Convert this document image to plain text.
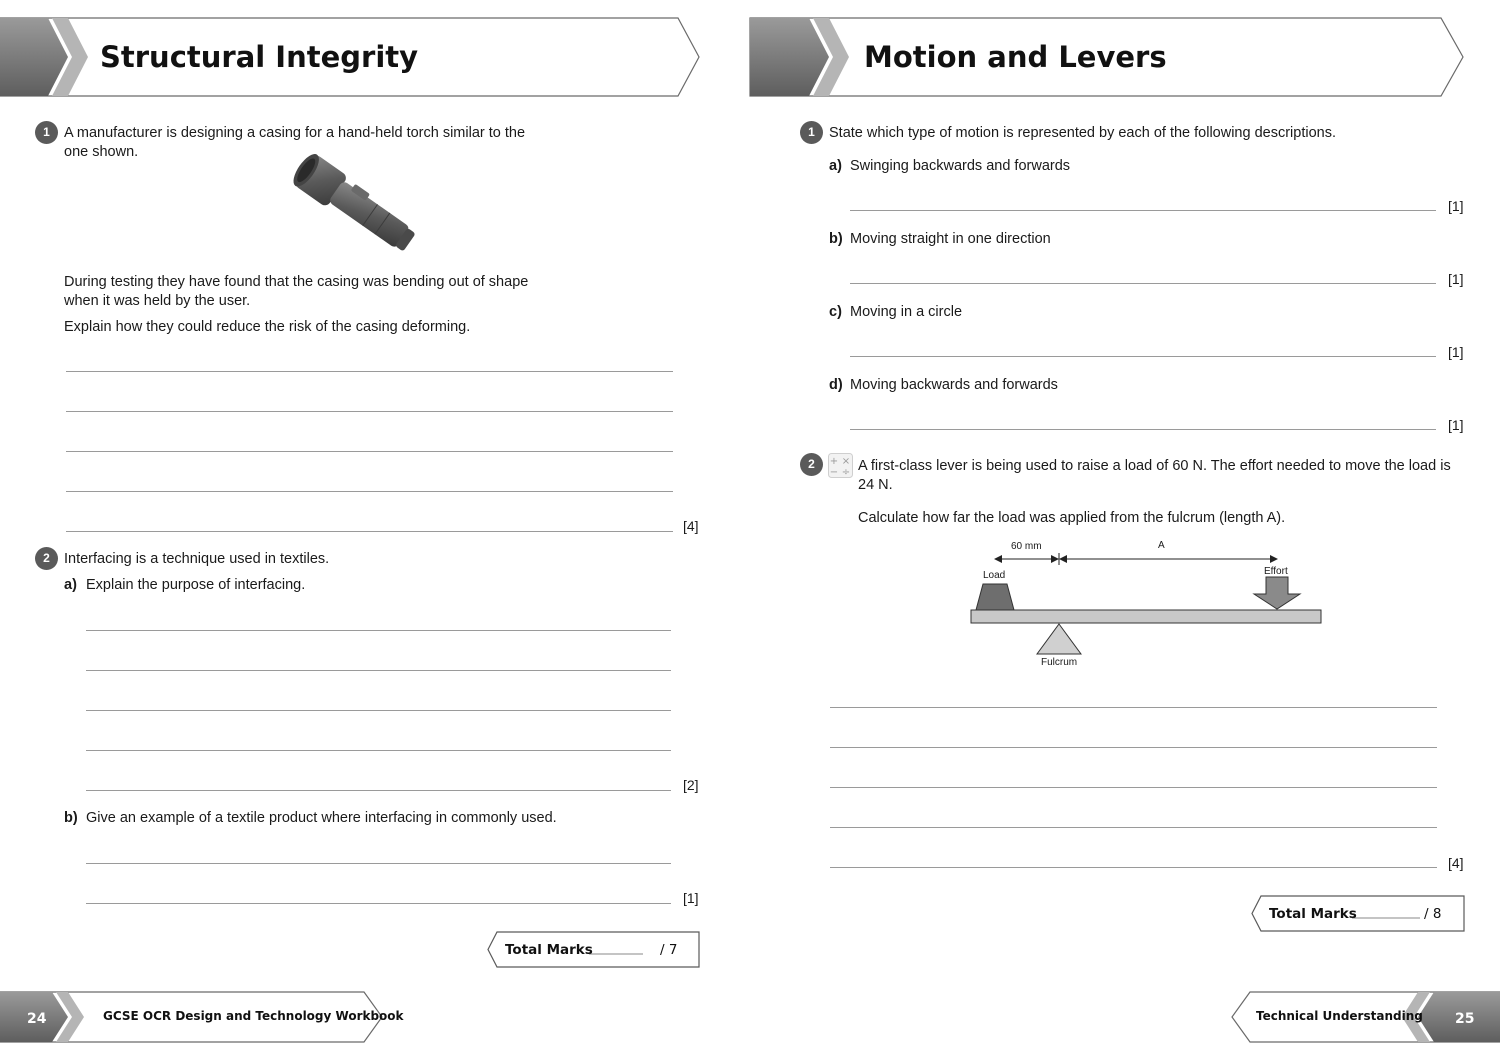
Structural Integrity
1 A manufacturer is designing a casing for a hand-held torch similar to the
one shown.
During testing they have found that the casing was bending out of shape
when it was held by the user.
Explain how they could reduce the risk of the casing deforming.
[4]
2 Interfacing is a technique used in textiles.
a) Explain the purpose of interfacing.
[2]
b) Give an example of a textile product where interfacing in commonly used.
[1]
Total Marks	/ 7
24	GCSE OCR Design and Technology Workbook
Motion and Levers
1 State which type of motion is represented by each of the following descriptions.
a) Swinging backwards and forwards
[1]
b) Moving straight in one direction
[1]
c) Moving in a circle
[1]
d) Moving backwards and forwards
[1]
2	+ ×
− ÷ A first-class lever is being used to raise a load of 60 N. The effort needed to move the load is
24 N.
Calculate how far the load was applied from the fulcrum (length A).
60 mm	A
Load	Effort
Fulcrum
[4]
Total Marks	/ 8
Technical Understanding 25
